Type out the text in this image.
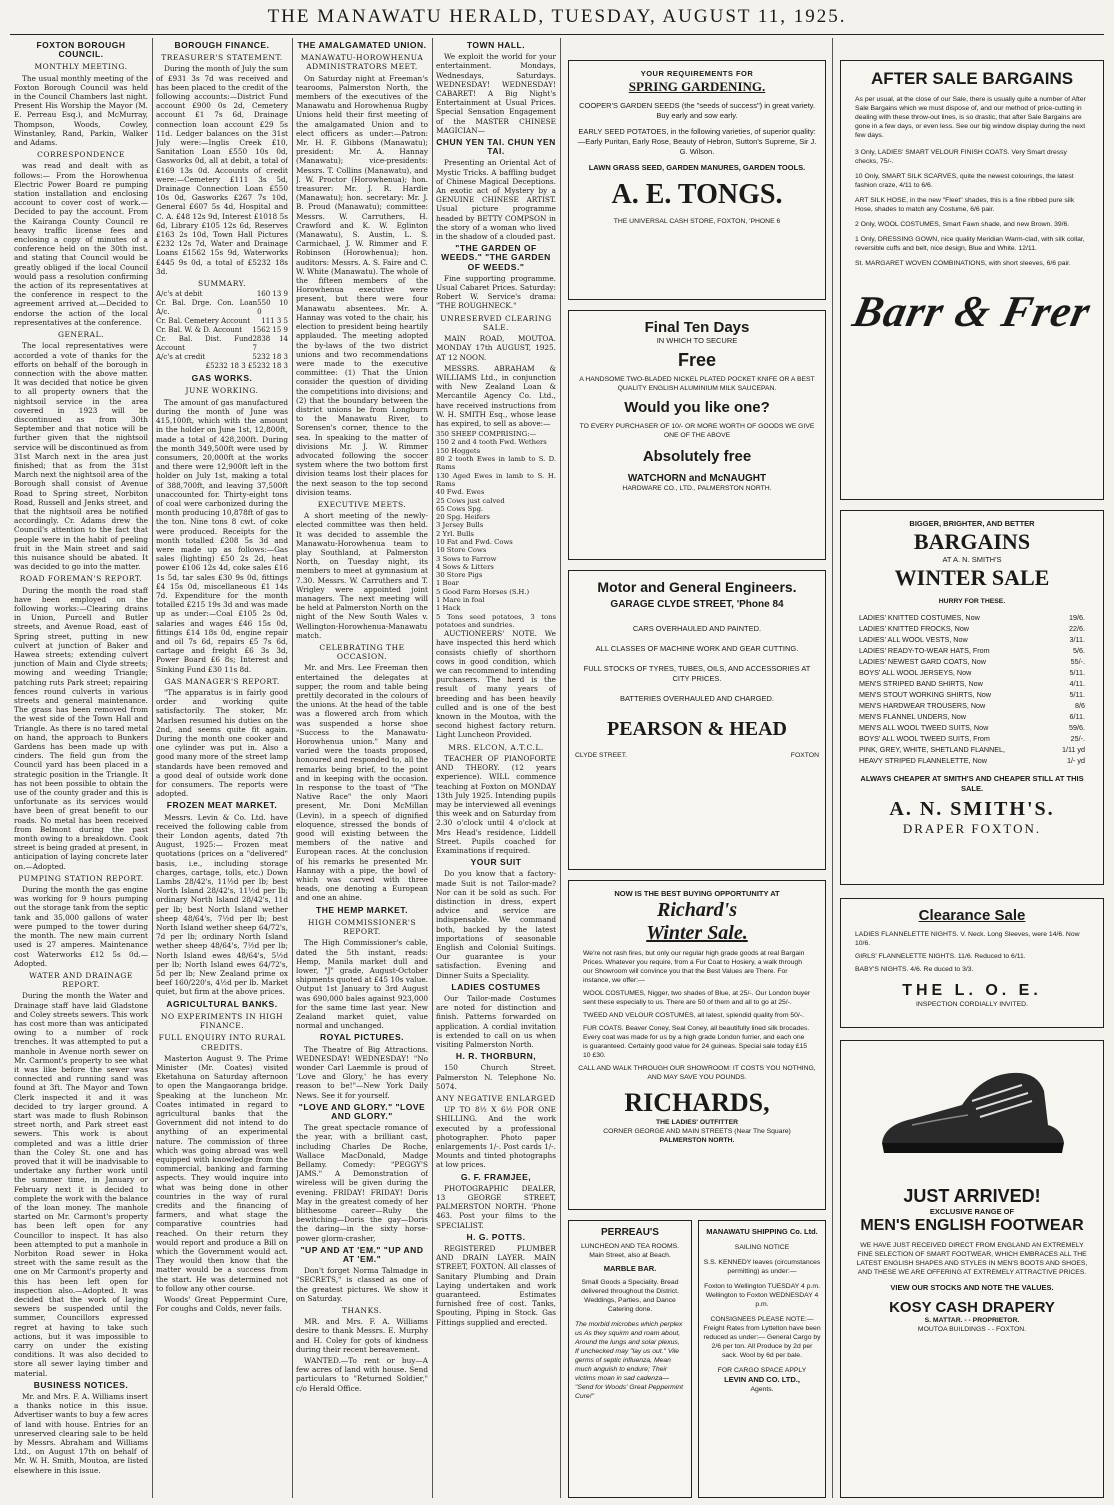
THE MANAWATU HERALD, TUESDAY, AUGUST 11, 1925.
FOXTON BOROUGH COUNCIL.
MONTHLY MEETING.

The usual monthly meeting of the Foxton Borough Council was held in the Council Chambers last night. Present His Worship the Mayor (M. E. Perreau Esq.), and McMurray, Thompson, Woods, Cowley, Winstanley, Rand, Parkin, Walker and Adams.

CORRESPONDENCE

was read and dealt with as follows:— From the Horowhenua Electric Power Board re pumping station installation and enclosing account to cover cost of work.—Decided to pay the account. From the Kairanga County Council re heavy traffic license fees and enclosing a copy of minutes of a conference held on the 30th inst. and stating that Council would be greatly obliged if the local Council would pass a resolution confirming the action of its representatives at the conference in respect to the agreement arrived at.—Decided to endorse the action of the local representatives at the conference.

GENERAL.

The local representatives were accorded a vote of thanks for the efforts on behalf of the borough in connection with the above matter. It was decided that notice be given to all property owners that the nightsoil service in the area covered in 1923 will be discontinued as from 30th September and that notice will be further given that the nightsoil service will be discontinued as from 31st March next in the area just finished; that as from the 31st March next the nightsoil area of the Borough shall consist of Avenue Road to Spring street, Norbiton Road, Russell and Jenks street, and that the nightsoil area be notified accordingly. Cr. Adams drew the Council's attention to the fact that people were in the habit of peeling fruit in the Main street and said this nuisance should be abated. It was decided to go into the matter.

ROAD FOREMAN'S REPORT.

During the month the road staff have been employed on the following works:—Clearing drains in Union, Purcell and Butler streets, and Avenue Road, east of Spring street, putting in new culvert at junction of Baker and Hawea streets; extending culvert junction of Main and Clyde streets; mowing and weeding Triangle; patching ruts Park street; repairing fences round culverts in various streets and general maintenance. The grass has been removed from the west side of the Town Hall and Triangle. As there is no tared metal on hand, the approach to Bunkers Gardens has been made up with cinders. The field gun from the Council yard has been placed in a strategic position in the Triangle. It has not been possible to obtain the use of the county grader and this is unfortunate as its services would have been of great benefit to our roads. No metal has been received from Belmont during the past month owing to a breakdown. Cook street is being graded at present, in anticipation of laying concrete later on.—Adopted.

PUMPING STATION REPORT.

During the month the gas engine was working for 9 hours pumping out the storage tank from the septic tank and 35,000 gallons of water were pumped to the tower during the month. The new main current used is 27 amperes. Maintenance cost Waterworks £12 5s 0d.—Adopted.

WATER AND DRAINAGE REPORT.

During the month the Water and Drainage staff have laid Gladstone and Coley streets sewers. This work has cost more than was anticipated owing to a number of rock trenches. It was attempted to put a manhole in Avenue north sewer on Mr. Carmont's property to see what it was like before the sewer was connected and running sand was found at 3ft. The Mayor and Town Clerk inspected it and it was decided to try larger ground. A start was made to flush Robinson street north, and Park street east sewers. This work is about completed and was a little drier than the Coley St. one and has proved that it will be inadvisable to undertake any further work until the summer time, in January or February next it is decided to complete the work with the balance of the loan money. The manhole started on Mr. Carmont's property has been left open for any Councillor to inspect. It has also been attempted to put a manhole in Norbiton Road sewer in Hoka street with the same result as the one on Mr Carmont's property and this has been left open for inspection also.—Adopted. It was decided that the work of laying sewers be suspended until the summer, Councillors expressed regret at having to take such actions, but it was impossible to carry on under the existing conditions. It was also decided to store all sewer laying timber and material.

BUSINESS NOTICES.

Mr. and Mrs. F. A. Williams insert a thanks notice in this issue. Advertiser wants to buy a few acres of land with house. Entries for an unreserved clearing sale to be held by Messrs. Abraham and Williams Ltd., on August 17th on behalf of Mr. W. H. Smith, Moutoa, are listed elsewhere in this issue.

BOROUGH FINANCE.
TREASURER'S STATEMENT.

During the month of July the sum of £931 3s 7d was received and has been placed to the credit of the following accounts:—District Fund account £900 0s 2d, Cemetery account £1 7s 6d, Drainage connection loan account £29 5s 11d. Ledger balances on the 31st July were:—Inglis Creek £10, Sanitation Loan £550 10s 0d, Gasworks 0d, all at debit, a total of £169 13s 0d. Accounts of credit were:—Cemetery £111 3s 5d, Drainage Connection Loan £550 10s 0d, Gasworks £267 7s 10d, General £607 5s 4d, Hospital and C. A. £48 12s 9d, Interest £1018 5s 6d, Library £105 12s 6d, Reserves £163 2s 10d, Town Hall Pictures £232 12s 7d, Water and Drainage Loans £1562 15s 9d, Waterworks £445 9s 0d, a total of £5232 18s 3d.

SUMMARY.
A/c's at debit	160 13 9
Cr. Bal. Drge. Con. Loan A/c.
550 10 0
Cr. Bal. Cemetery Account 111 3 5
Cr. Bal. W. & D. Account 1562 15 9
Cr. Bal. Dist. Fund Account
2838 14 7
A/c's at credit	5232 18 3
£5232 18 3 £5232 18 3
GAS WORKS.
JUNE WORKING.

The amount of gas manufactured during the month of June was 415,100ft, which with the amount in the holder on June 1st, 12,800ft, made a total of 428,200ft. During the month 349,500ft were used by consumers, 20,000ft at the works and there were 12,900ft left in the holder on July 1st, making a total of 388,700ft, and leaving 37,500ft unaccounted for. Thirty-eight tons of coal were carbonized during the month producing 10,878ft of gas to the ton. Nine tons 8 cwt. of coke were produced. Receipts for the month totalled £208 5s 3d and were made up as follows:—Gas sales (lighting) £50 2s 2d, heat power £106 12s 4d, coke sales £16 1s 5d, tar sales £30 9s 0d, fittings £4 15s 0d, miscellaneous £1 14s 7d. Expenditure for the month totalled £215 19s 3d and was made up as under:—Coal £105 2s 0d, salaries and wages £46 15s 0d, fittings £14 18s 0d, engine repair and oil 7s 6d, repairs £5 7s 6d, cartage and freight £6 3s 3d, Power Board £6 8s; Interest and Sinking Fund £30 11s 8d.

GAS MANAGER'S REPORT.

"The apparatus is in fairly good order and working quite satisfactorily. The stoker, Mr. Marlsen resumed his duties on the 2nd, and seems quite fit again. During the month one cooker and one cylinder was put in. Also a good many more of the street lamp standards have been removed and a good deal of outside work done for consumers. The reports were adopted.

FROZEN MEAT MARKET.

Messrs. Levin & Co. Ltd. have received the following cable from their London agents, dated 7th August, 1925:— Frozen meat quotations (prices on a "delivered" basis, i.e., including storage charges, cartage, tolls, etc.) Down Lambs 28/42's, 11½d per lb; best North Island 28/42's, 11½d per lb; ordinary North Island 28/42's, 11d per lb; best North Island wether sheep 48/64's, 7½d per lb; best North Island wether sheep 64/72's, 7d per lb; ordinary North Island wether sheep 48/64's, 7½d per lb; North Island ewes 48/64's, 5½d per lb; North Island ewes 64/72's, 5d per lb; New Zealand prime ox beef 160/220's, 4½d per lb. Market quiet, but firm at the above prices.

AGRICULTURAL BANKS.
NO EXPERIMENTS IN HIGH FINANCE.
FULL ENQUIRY INTO RURAL CREDITS.

Masterton August 9. The Prime Minister (Mr. Coates) visited Eketahuna on Saturday afternoon to open the Mangaoranga bridge. Speaking at the luncheon Mr. Coates intimated in regard to agricultural banks that the Government did not intend to do anything of an experimental nature. The commission of three which was going abroad was well equipped with knowledge from the commercial, banking and farming aspects. They would inquire into what was being done in other countries in the way of rural credits and the financing of farmers, and what stage the comparative countries had reached. On their return they would report and produce a Bill on which the Government would act. They would then know that the matter would be a success from the start. He was determined not to follow any other course.

Woods' Great Peppermint Cure, For coughs and Colds, never fails.

THE AMALGAMATED UNION.
MANAWATU-HOROWHENUA ADMINISTRATORS MEET.

On Saturday night at Freeman's tearooms, Palmerston North, the members of the executives of the Manawatu and Horowhenua Rugby Unions held their first meeting of the amalgamated Union and to elect officers as under:—Patron: Mr. H. F. Gibbons (Manawatu); president: Mr. A. Hannay (Manawatu); vice-presidents: Messrs. T. Collins (Manawatu), and J. W. Proctor (Horowhenua); hon. treasurer: Mr. J. R. Hardie (Manawatu); hon. secretary: Mr. J. B. Proud (Manawatu); committee: Messrs. W. Carruthers, H. Crawford and K. W. Eglinton (Manawatu), S. Austin, L. S. Carmichael, J. W. Rimmer and F. Robinson (Horowhenua); hon. auditors: Messrs. A. S. Faire and C. W. White (Manawatu). The whole of the fifteen members of the Horowhenua executive were present, but there were four Manawatu absentees. Mr. A. Hannay was voted to the chair, his election to president being heartily applauded. The meeting adopted the by-laws of the two district unions and two recommendations were made to the executive committee: (1) That the Union consider the question of dividing the competitions into divisions; and (2) that the boundary between the district unions be from Longburn to the Manawatu River, to Sorensen's corner, thence to the sea. In speaking to the matter of divisions Mr. J. W. Rimmer advocated following the soccer system where the two bottom first division teams lost their places for the next season to the top second division teams.

EXECUTIVE MEETS.

A short meeting of the newly-elected committee was then held. It was decided to assemble the Manawatu-Horowhenua team to play Southland, at Palmerston North, on Tuesday night, its members to meet at gymnasium at 7.30. Messrs. W. Carruthers and T. Wrigley were appointed joint managers. The next meeting will be held at Palmerston North on the night of the New South Wales v. Wellington-Horowhenua-Manawatu match.

CELEBRATING THE OCCASION.

Mr. and Mrs. Lee Freeman then entertained the delegates at supper, the room and table being prettily decorated in the colours of the unions. At the head of the table was a flowered arch from which was suspended a horse shoe "Success to the Manawatu-Horowhenua union." Many and varied were the toasts proposed, honoured and responded to, all the remarks being brief, to the point and in keeping with the occasion. In response to the toast of "The Native Race" the only Maori present, Mr. Doni McMillan (Levin), in a speech of dignified eloquence, stressed the bonds of good will existing between the members of the native and European races. At the conclusion of his remarks he presented Mr. Hannay with a pipe, the bowl of which was carved with three heads, one denoting a European and one an ahine.

THE HEMP MARKET.
HIGH COMMISSIONER'S REPORT.

The High Commissioner's cable, dated the 5th instant, reads: Hemp, Manila market dull and lower, "J" grade, August-October shipments quoted at £45 10s value. Output 1st January to 3rd August was 690,000 bales against 923,000 for the same time last year. New Zealand market quiet, value normal and unchanged.

ROYAL PICTURES.

The Theatre of Big Attractions. WEDNESDAY! WEDNESDAY! "No wonder Carl Laemmle is proud of 'Love and Glory,' he has every reason to be!"—New York Daily News. See it for yourself.

"LOVE AND GLORY." "LOVE AND GLORY."

The great spectacle romance of the year, with a brilliant cast, including Charles De Roche, Wallace MacDonald, Madge Bellamy. Comedy: "PEGGY'S JAMS." A Demonstration of wireless will be given during the evening. FRIDAY! FRIDAY! Doris May in the greatest comedy of her blithesome career—Ruby the bewitching—Doris the gay—Doris the daring—in the sixty horse-power glorm-crasher,

"UP AND AT 'EM." "UP AND AT 'EM."

Don't forget Norma Talmadge in "SECRETS," is classed as one of the greatest pictures. We show it on Saturday.

THANKS.

MR. and Mrs. F. A. Williams desire to thank Messrs. E. Murphy and H. Coley for gots of kindness during their recent bereavement.

WANTED.—To rent or buy—A few acres of land with house. Send particulars to "Returned Soldier," c/o Herald Office.

TOWN HALL.

We exploit the world for your entertainment. Mondays, Wednesdays, Saturdays. WEDNESDAY! WEDNESDAY! CABARET! A Big Night's Entertainment at Usual Prices. Special Sensation Engagement of the MASTER CHINESE MAGICIAN—

CHUN YEN TAI. CHUN YEN TAI.

Presenting an Oriental Act of Mystic Tricks. A baffling budget of Chinese Magical Deceptions. An exotic act of Mystery by a GENUINE CHINESE ARTIST. Usual picture programme headed by BETTY COMPSON in the story of a woman who lived in the shadow of a clouded past.

"THE GARDEN OF WEEDS." "THE GARDEN OF WEEDS."

Fine supporting programme. Usual Cabaret Prices. Saturday: Robert W. Service's drama: "THE ROUGHNECK."

UNRESERVED CLEARING SALE.

MAIN ROAD, MOUTOA. MONDAY 17th AUGUST, 1925. AT 12 NOON.

MESSRS. ABRAHAM & WILLIAMS Ltd., in conjunction with New Zealand Loan & Mercantile Agency Co. Ltd., have received instructions from W. H. SMITH Esq., whose lease has expired, to sell as above:—

350 SHEEP COMPRISING:—
150 2 and 4 tooth Fwd. Wethers
150 Hoggets
80 2 tooth Ewes in lamb to S. D. Rams
130 Aged Ewes in lamb to S. H. Rams
40 Fwd. Ewes
25 Cows just calved
65 Cows Spg.
20 Spg. Heifers
3 Jersey Bulls
2 Yrl. Bulls
10 Fat and Fwd. Cows
10 Store Cows
3 Sows to Farrow
4 Sows & Litters
30 Store Pigs
1 Boar
5 Good Farm Horses (S.H.)
1 Mare in foal
1 Hack
5 Tons seed potatoes, 3 tons potatoes and sundries.

AUCTIONEERS' NOTE. We have inspected this herd which consists chiefly of shorthorn cows in good condition, which we can recommend to intending purchasers. The herd is the result of many years of breeding and has been heavily culled and is one of the best known in the Moutoa, with the second highest factory return. Light Luncheon Provided.

MRS. ELCON, A.T.C.L.

TEACHER OF PIANOFORTE AND THEORY. (12 years experience). WILL commence teaching at Foxton on MONDAY 13th July 1925. Intending pupils may be interviewed all evenings this week and on Saturday from 2.30 o'clock until 4 o'clock at Mrs Head's residence, Liddell Street. Pupils coached for Examinations if required.

YOUR SUIT

Do you know that a factory-made Suit is not Tailor-made? Nor can it be sold as such. For distinction in dress, expert advice and service are indispensable. We command both, backed by the latest importations of seasonable English and Colonial Suitings. Our guarantee is your satisfaction. Evening and Dinner Suits a Speciality.

LADIES COSTUMES

Our Tailor-made Costumes are noted for distinction and finish. Patterns forwarded on application. A cordial invitation is extended to call on us when visiting Palmerston North.

H. R. THORBURN,

150 Church Street. Palmerston N. Telephone No. 5074.

ANY NEGATIVE ENLARGED

UP TO 8½ X 6½ FOR ONE SHILLING. And the work executed by a professional photographer. Photo paper enlargements 1/-. Post cards 1/-. Mounts and tinted photographs at low prices.

G. F. FRAMJEE,

PHOTOGRAPHIC DEALER, 13 GEORGE STREET, PALMERSTON NORTH. 'Phone 463. Post your films to the SPECIALIST.

H. G. POTTS.

REGISTERED PLUMBER AND DRAIN LAYER. MAIN STREET, FOXTON. All classes of Sanitary Plumbing and Drain Laying undertaken and work guaranteed. Estimates furnished free of cost. Tanks, Spouting, Piping in Stock. Gas Fittings supplied and erected.

YOUR REQUIREMENTS FOR
SPRING GARDENING.
COOPER'S GARDEN SEEDS (the "seeds of success") in great variety. Buy early and sow early.
EARLY SEED POTATOES, in the following varieties, of superior quality:—Early Puritan, Early Rose, Beauty of Hebron, Sutton's Supreme, Sir J. G. Wilson.
LAWN GRASS SEED, GARDEN MANURES, GARDEN TOOLS.
A. E. TONGS.
THE UNIVERSAL CASH STORE, FOXTON, 'PHONE 6
Final Ten Days
IN WHICH TO SECURE
Free
A HANDSOME TWO-BLADED NICKEL PLATED POCKET KNIFE OR A BEST QUALITY ENGLISH ALUMINIUM MILK SAUCEPAN.
Would you like one?
TO EVERY PURCHASER OF 10/- OR MORE WORTH OF GOODS WE GIVE ONE OF THE ABOVE
Absolutely free
WATCHORN and McNAUGHT
HARDWARE CO., LTD., PALMERSTON NORTH.
Motor and General Engineers.
GARAGE CLYDE STREET, 'Phone 84
CARS OVERHAULED AND PAINTED.
ALL CLASSES OF MACHINE WORK AND GEAR CUTTING.
FULL STOCKS OF TYRES, TUBES, OILS, AND ACCESSORIES AT CITY PRICES.
BATTERIES OVERHAULED AND CHARGED.
PEARSON & HEAD
CLYDE STREET.	FOXTON
NOW IS THE BEST BUYING OPPORTUNITY AT
Richard's
Winter Sale.
We're not rash fires, but only our regular high grade goods at real Bargain Prices. Whatever you require, from a Fur Coat to Hosiery, a walk through our Showroom will convince you that the Best Values are There. For instance, we offer:—
WOOL COSTUMES, Nigger, two shades of Blue, at 25/-. Our London buyer sent these especially to us. There are 50 of them and all to go at 25/-.
TWEED AND VELOUR COSTUMES, all latest, splendid quality from 50/-.
FUR COATS. Beaver Coney, Seal Coney, all beautifully lined silk brocades. Every coat was made for us by a high grade London furrier, and each one is guaranteed. Certainly good value for 24 guineas. Special sale today £15 10 £30.
CALL AND WALK THROUGH OUR SHOWROOM: IT COSTS YOU NOTHING, AND MAY SAVE YOU POUNDS.
RICHARDS,
THE LADIES' OUTFITTER
CORNER GEORGE AND MAIN STREETS (Near The Square)
PALMERSTON NORTH.
PERREAU'S
LUNCHEON AND TEA ROOMS. Main Street, also at Beach.
MARBLE BAR.
Small Goods a Speciality. Bread delivered throughout the District. Weddings, Parties, and Dance Catering done.
The morbid microbes which perplex us As they squirm and roam about, Around the lungs and solar plexus, If unchecked may "lay us out." Vile germs of septic influenza, Mean much anguish to endure; Their victims moan in sad cadenza— "Send for Woods' Great Peppermint Cure!"
MANAWATU SHIPPING Co. Ltd.
SAILING NOTICE
S.S. KENNEDY leaves (circumstances permitting) as under:—
Foxton to Wellington TUESDAY 4 p.m. Wellington to Foxton WEDNESDAY 4 p.m.
CONSIGNEES PLEASE NOTE:— Freight Rates from Lyttelton have been reduced as under:— General Cargo by 2/6 per ton. All Produce by 2d per sack. Wool by 6d per bale.
FOR CARGO SPACE APPLY
LEVIN AND CO. LTD.,
Agents.
AFTER SALE BARGAINS
As per usual, at the close of our Sale, there is usually quite a number of After Sale Bargains which we must dispose of, and our method of price-cutting in dealing with these throw-out lines, is so drastic, that after Sale Bargains are gone in a few days, or even less. See our big window display during the next few days.
3 Only, LADIES' SMART VELOUR FINISH COATS. Very Smart dressy checks, 75/-.
10 Only, SMART SILK SCARVES, quite the newest colourings, the latest fashion craze, 4/11 to 6/6.
ART SILK HOSE, in the new "Fleet" shades, this is a fine ribbed pure silk Hose, shades to match any Costume, 6/6 pair.
2 Only, WOOL COSTUMES, Smart Fawn shade, and new Brown. 39/6.
1 Only, DRESSING GOWN, nice quality Meridian Warm-clad, with silk collar, reversible cuffs and belt, nice design, Blue and White. 12/11.
St. MARGARET WOVEN COMBINATIONS, with short sleeves, 6/6 pair.
Barr & Frer
BIGGER, BRIGHTER, AND BETTER
BARGAINS
AT A. N. SMITH'S
WINTER SALE
HURRY FOR THESE.
LADIES' KNITTED COSTUMES, Now	19/6.
LADIES' KNITTED FROCKS, Now	22/6.
LADIES' ALL WOOL VESTS, Now	3/11.
LADIES' READY-TO-WEAR HATS, From	5/6.
LADIES' NEWEST GARD COATS, Now	55/-.
BOYS' ALL WOOL JERSEYS, Now	5/11.
MEN'S STRIPED BAND SHIRTS, Now	4/11.
MEN'S STOUT WORKING SHIRTS, Now	5/11.
MEN'S HARDWEAR TROUSERS, Now	8/6
MEN'S FLANNEL UNDERS, Now	6/11.
MEN'S ALL WOOL TWEED SUITS, Now	59/6.
BOYS' ALL WOOL TWEED SUITS, From	25/-.
PINK, GREY, WHITE, SHETLAND FLANNEL,	1/11 yd
HEAVY STRIPED FLANNELETTE, Now	1/- yd
ALWAYS CHEAPER AT SMITH'S AND CHEAPER STILL AT THIS SALE.
A. N. SMITH'S.
DRAPER FOXTON.
Clearance Sale
LADIES FLANNELETTE NIGHTS. V. Neck. Long Sleeves, were 14/6. Now 10/6.
GIRLS' FLANNELETTE NIGHTS. 11/6. Reduced to 6/11.
BABY'S NIGHTS. 4/6. Re duced to 3/3.
THE L. O. E.
INSPECTION CORDIALLY INVITED.
JUST ARRIVED!
EXCLUSIVE RANGE OF
MEN'S ENGLISH FOOTWEAR
WE HAVE JUST RECEIVED DIRECT FROM ENGLAND AN EXTREMELY FINE SELECTION OF SMART FOOTWEAR, WHICH EMBRACES ALL THE LATEST ENGLISH SHAPES AND STYLES IN MEN'S BOOTS AND SHOES, AND THESE WE ARE OFFERING AT EXTREMELY ATTRACTIVE PRICES.
VIEW OUR STOCKS AND NOTE THE VALUES.
KOSY CASH DRAPERY
S. MATTAR. - - PROPRIETOR.
MOUTOA BUILDINGS - - FOXTON.
